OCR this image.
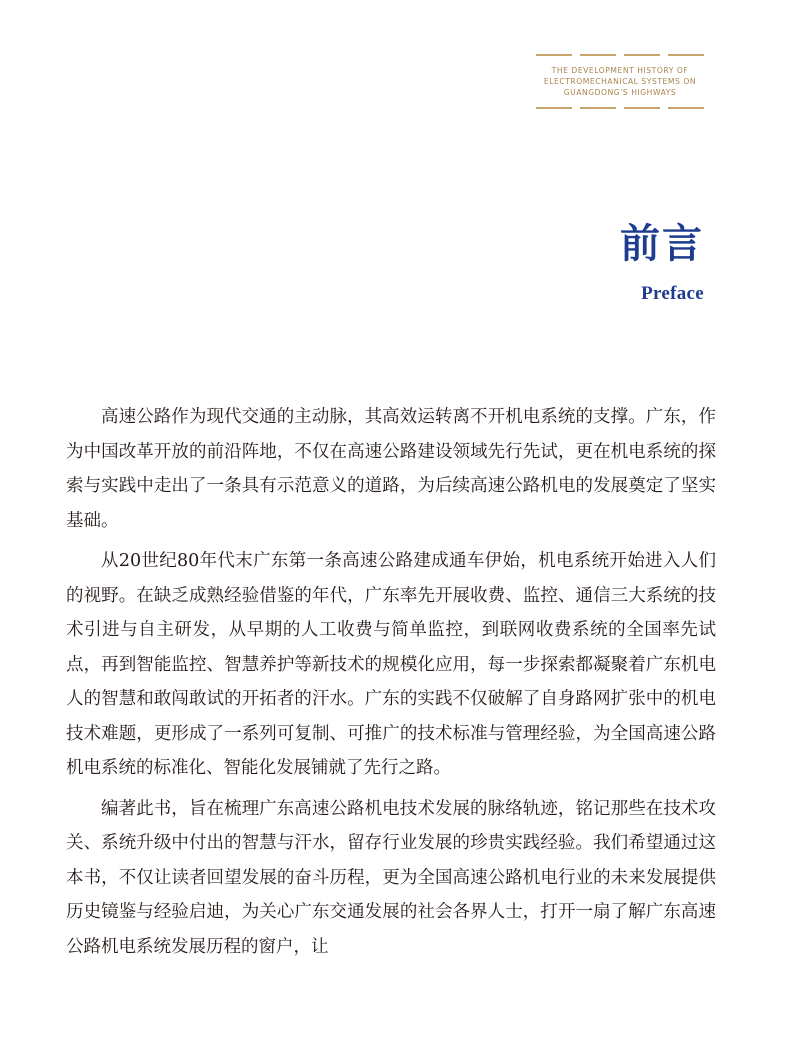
THE DEVELOPMENT HISTORY OF
ELECTROMECHANICAL SYSTEMS ON
GUANGDONG'S HIGHWAYS
前言
Preface

高速公路作为现代交通的主动脉，其高效运转离不开机电系统的支撑。广东，作为中国改革开放的前沿阵地，不仅在高速公路建设领域先行先试，更在机电系统的探索与实践中走出了一条具有示范意义的道路，为后续高速公路机电的发展奠定了坚实基础。

从20世纪80年代末广东第一条高速公路建成通车伊始，机电系统开始进入人们的视野。在缺乏成熟经验借鉴的年代，广东率先开展收费、监控、通信三大系统的技术引进与自主研发，从早期的人工收费与简单监控，到联网收费系统的全国率先试点，再到智能监控、智慧养护等新技术的规模化应用，每一步探索都凝聚着广东机电人的智慧和敢闯敢试的开拓者的汗水。广东的实践不仅破解了自身路网扩张中的机电技术难题，更形成了一系列可复制、可推广的技术标准与管理经验，为全国高速公路机电系统的标准化、智能化发展铺就了先行之路。

编著此书，旨在梳理广东高速公路机电技术发展的脉络轨迹，铭记那些在技术攻关、系统升级中付出的智慧与汗水，留存行业发展的珍贵实践经验。我们希望通过这本书，不仅让读者回望发展的奋斗历程，更为全国高速公路机电行业的未来发展提供历史镜鉴与经验启迪，为关心广东交通发展的社会各界人士，打开一扇了解广东高速公路机电系统发展历程的窗户，让
